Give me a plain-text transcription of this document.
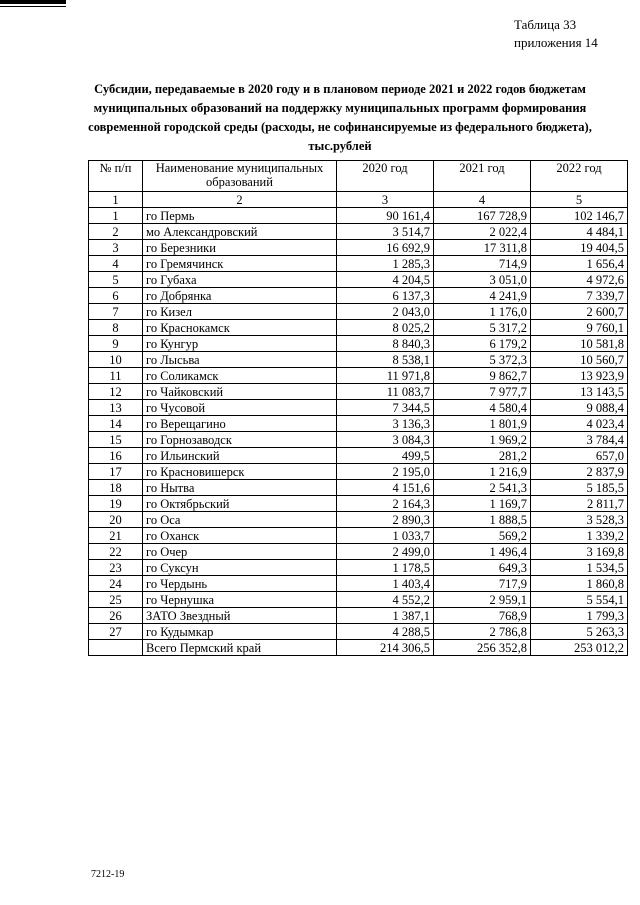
Таблица 33
приложения 14
Субсидии, передаваемые в 2020 году и в плановом периоде 2021 и 2022 годов бюджетам
муниципальных образований на поддержку муниципальных программ формирования
современной городской среды (расходы, не софинансируемые из федерального бюджета),
тыс.рублей
№ п/п	Наименование муниципальных образований	2020 год	2021 год	2022 год
1	2	3	4	5
1	го Пермь	90 161,4	167 728,9	102 146,7
2	мо Александровский	3 514,7	2 022,4	4 484,1
3	го Березники	16 692,9	17 311,8	19 404,5
4	го Гремячинск	1 285,3	714,9	1 656,4
5	го Губаха	4 204,5	3 051,0	4 972,6
6	го Добрянка	6 137,3	4 241,9	7 339,7
7	го Кизел	2 043,0	1 176,0	2 600,7
8	го Краснокамск	8 025,2	5 317,2	9 760,1
9	го Кунгур	8 840,3	6 179,2	10 581,8
10	го Лысьва	8 538,1	5 372,3	10 560,7
11	го Соликамск	11 971,8	9 862,7	13 923,9
12	го Чайковский	11 083,7	7 977,7	13 143,5
13	го Чусовой	7 344,5	4 580,4	9 088,4
14	го Верещагино	3 136,3	1 801,9	4 023,4
15	го Горнозаводск	3 084,3	1 969,2	3 784,4
16	го Ильинский	499,5	281,2	657,0
17	го Красновишерск	2 195,0	1 216,9	2 837,9
18	го Нытва	4 151,6	2 541,3	5 185,5
19	го Октябрьский	2 164,3	1 169,7	2 811,7
20	го Оса	2 890,3	1 888,5	3 528,3
21	го Оханск	1 033,7	569,2	1 339,2
22	го Очер	2 499,0	1 496,4	3 169,8
23	го Суксун	1 178,5	649,3	1 534,5
24	го Чердынь	1 403,4	717,9	1 860,8
25	го Чернушка	4 552,2	2 959,1	5 554,1
26	ЗАТО Звездный	1 387,1	768,9	1 799,3
27	го Кудымкар	4 288,5	2 786,8	5 263,3
	Всего Пермский край	214 306,5	256 352,8	253 012,2
7212-19
